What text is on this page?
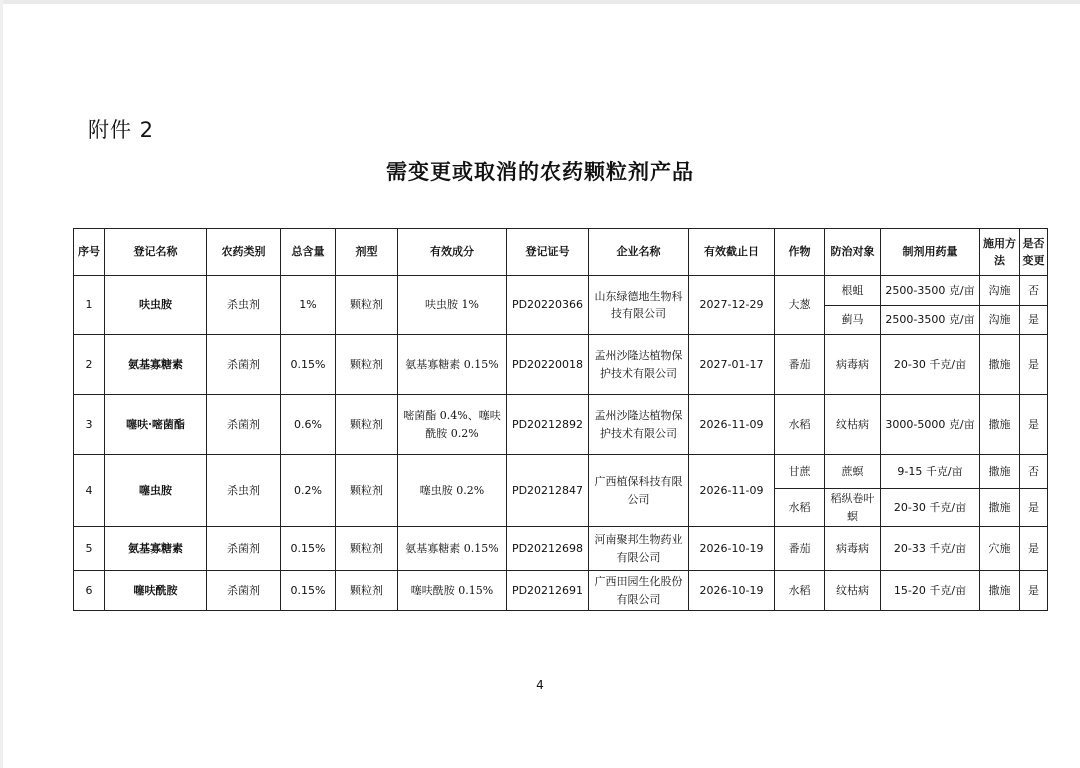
附件 2
需变更或取消的农药颗粒剂产品
序号	登记名称	农药类别	总含量	剂型	有效成分	登记证号	企业名称	有效截止日	作物	防治对象	制剂用药量	施用方法	是否变更
1	呋虫胺	杀虫剂	1%	颗粒剂	呋虫胺 1%	PD20220366	山东绿德地生物科技有限公司	2027-12-29	大葱	根蛆	2500-3500 克/亩	沟施	否
										蓟马	2500-3500 克/亩	沟施	是
2	氨基寡糖素	杀菌剂	0.15%	颗粒剂	氨基寡糖素 0.15%	PD20220018	孟州沙隆达植物保护技术有限公司	2027-01-17	番茄	病毒病	20-30 千克/亩	撒施	是
3	噻呋·嘧菌酯	杀菌剂	0.6%	颗粒剂	嘧菌酯 0.4%、噻呋酰胺 0.2%	PD20212892	孟州沙隆达植物保护技术有限公司	2026-11-09	水稻	纹枯病	3000-5000 克/亩	撒施	是
4	噻虫胺	杀虫剂	0.2%	颗粒剂	噻虫胺 0.2%	PD20212847	广西植保科技有限公司	2026-11-09	甘蔗	蔗螟	9-15 千克/亩	撒施	否
									水稻	稻纵卷叶螟	20-30 千克/亩	撒施	是
5	氨基寡糖素	杀菌剂	0.15%	颗粒剂	氨基寡糖素 0.15%	PD20212698	河南聚邦生物药业有限公司	2026-10-19	番茄	病毒病	20-33 千克/亩	穴施	是
6	噻呋酰胺	杀菌剂	0.15%	颗粒剂	噻呋酰胺 0.15%	PD20212691	广西田园生化股份有限公司	2026-10-19	水稻	纹枯病	15-20 千克/亩	撒施	是
4
